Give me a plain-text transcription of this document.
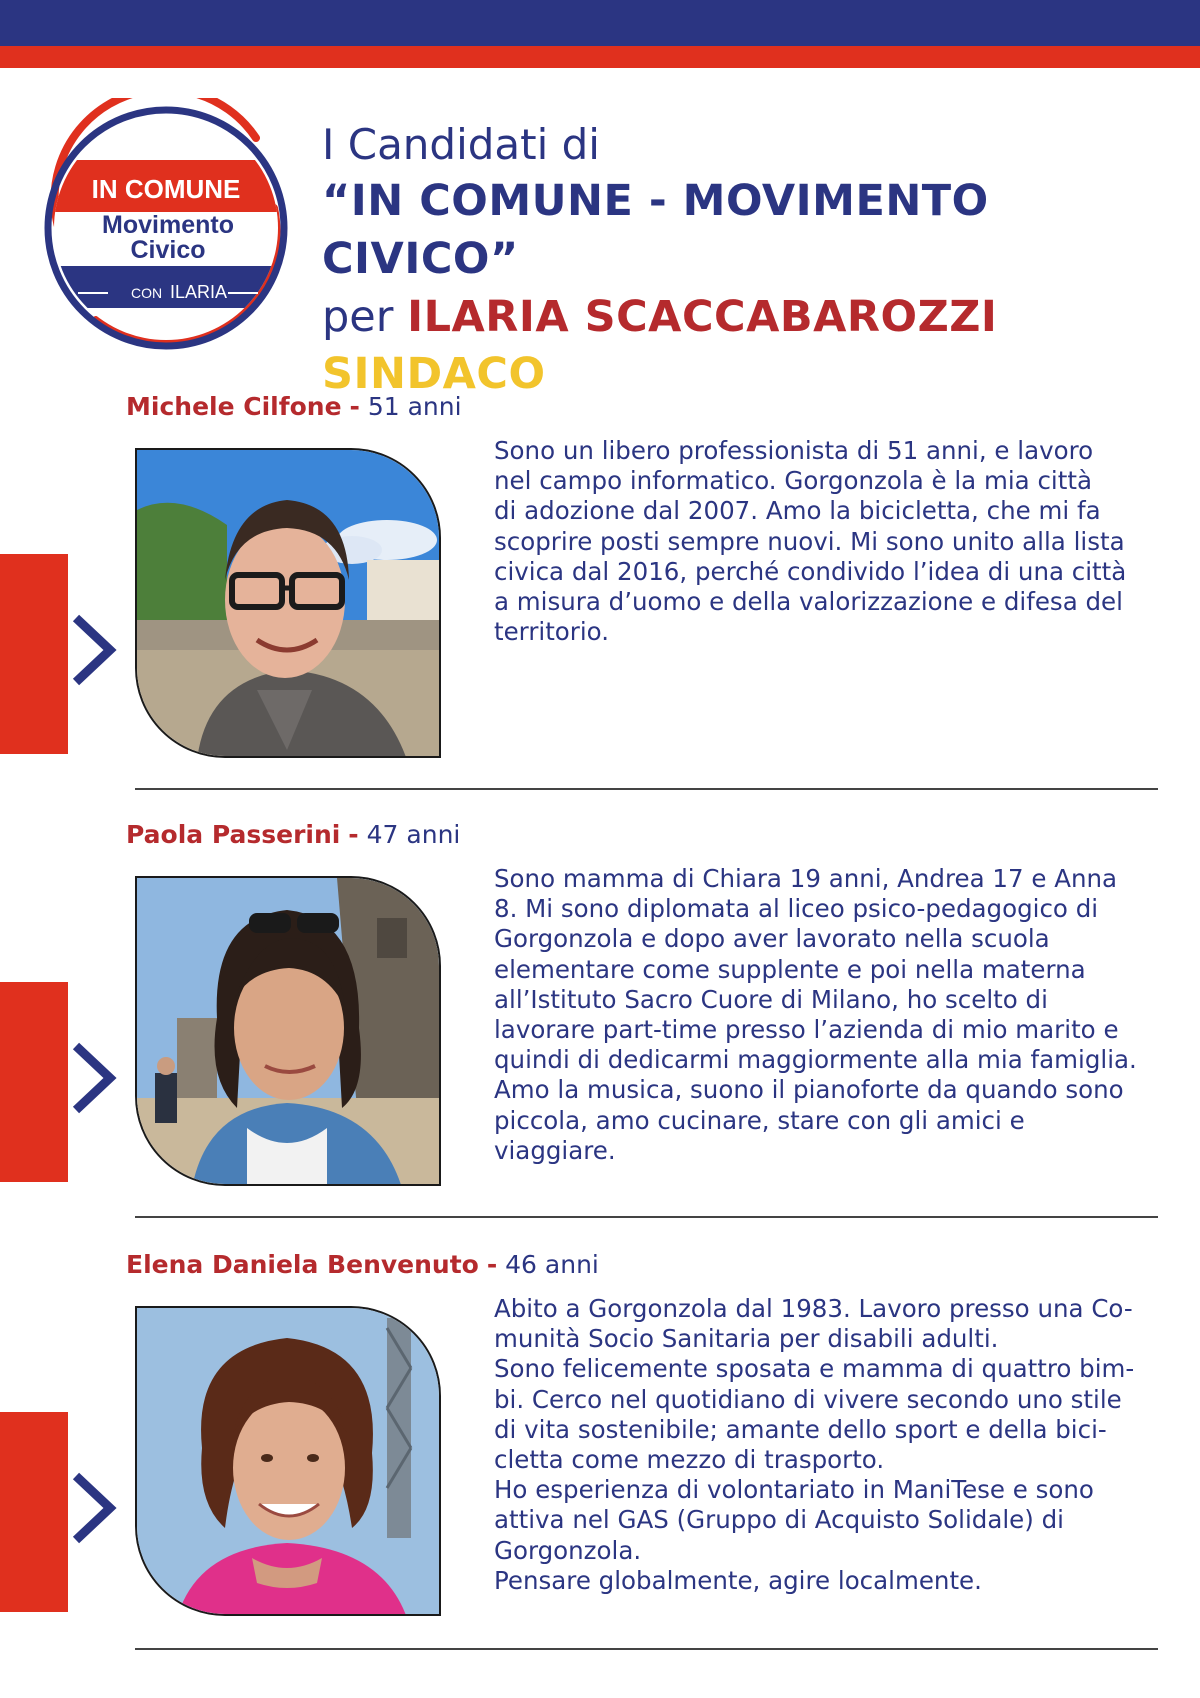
IN COMUNE
Movimento
Civico
CON ILARIA
I Candidati di
“IN COMUNE - MOVIMENTO CIVICO”
per ILARIA SCACCABAROZZI
SINDACO
Michele Cilfone - 51 anni
Sono un libero professionista di 51 anni, e lavoro
nel campo informatico. Gorgonzola è la mia città
di adozione dal 2007. Amo la bicicletta, che mi fa
scoprire posti sempre nuovi. Mi sono unito alla lista
civica dal 2016, perché condivido l’idea di una città
a misura d’uomo e della valorizzazione e difesa del
territorio.
Paola Passerini - 47 anni
Sono mamma di Chiara 19 anni, Andrea 17 e Anna
8. Mi sono diplomata al liceo psico-pedagogico di
Gorgonzola e dopo aver lavorato nella scuola
elementare come supplente e poi nella materna
all’Istituto Sacro Cuore di Milano, ho scelto di
lavorare part-time presso l’azienda di mio marito e
quindi di dedicarmi maggiormente alla mia famiglia.
Amo la musica, suono il pianoforte da quando sono
piccola, amo cucinare, stare con gli amici e
viaggiare.
Elena Daniela Benvenuto - 46 anni
Abito a Gorgonzola dal 1983. Lavoro presso una Co-
munità Socio Sanitaria per disabili adulti.
Sono felicemente sposata e mamma di quattro bim-
bi. Cerco nel quotidiano di vivere secondo uno stile
di vita sostenibile; amante dello sport e della bici-
cletta come mezzo di trasporto.
Ho esperienza di volontariato in ManiTese e sono
attiva nel GAS (Gruppo di Acquisto Solidale) di
Gorgonzola.
Pensare globalmente, agire localmente.
